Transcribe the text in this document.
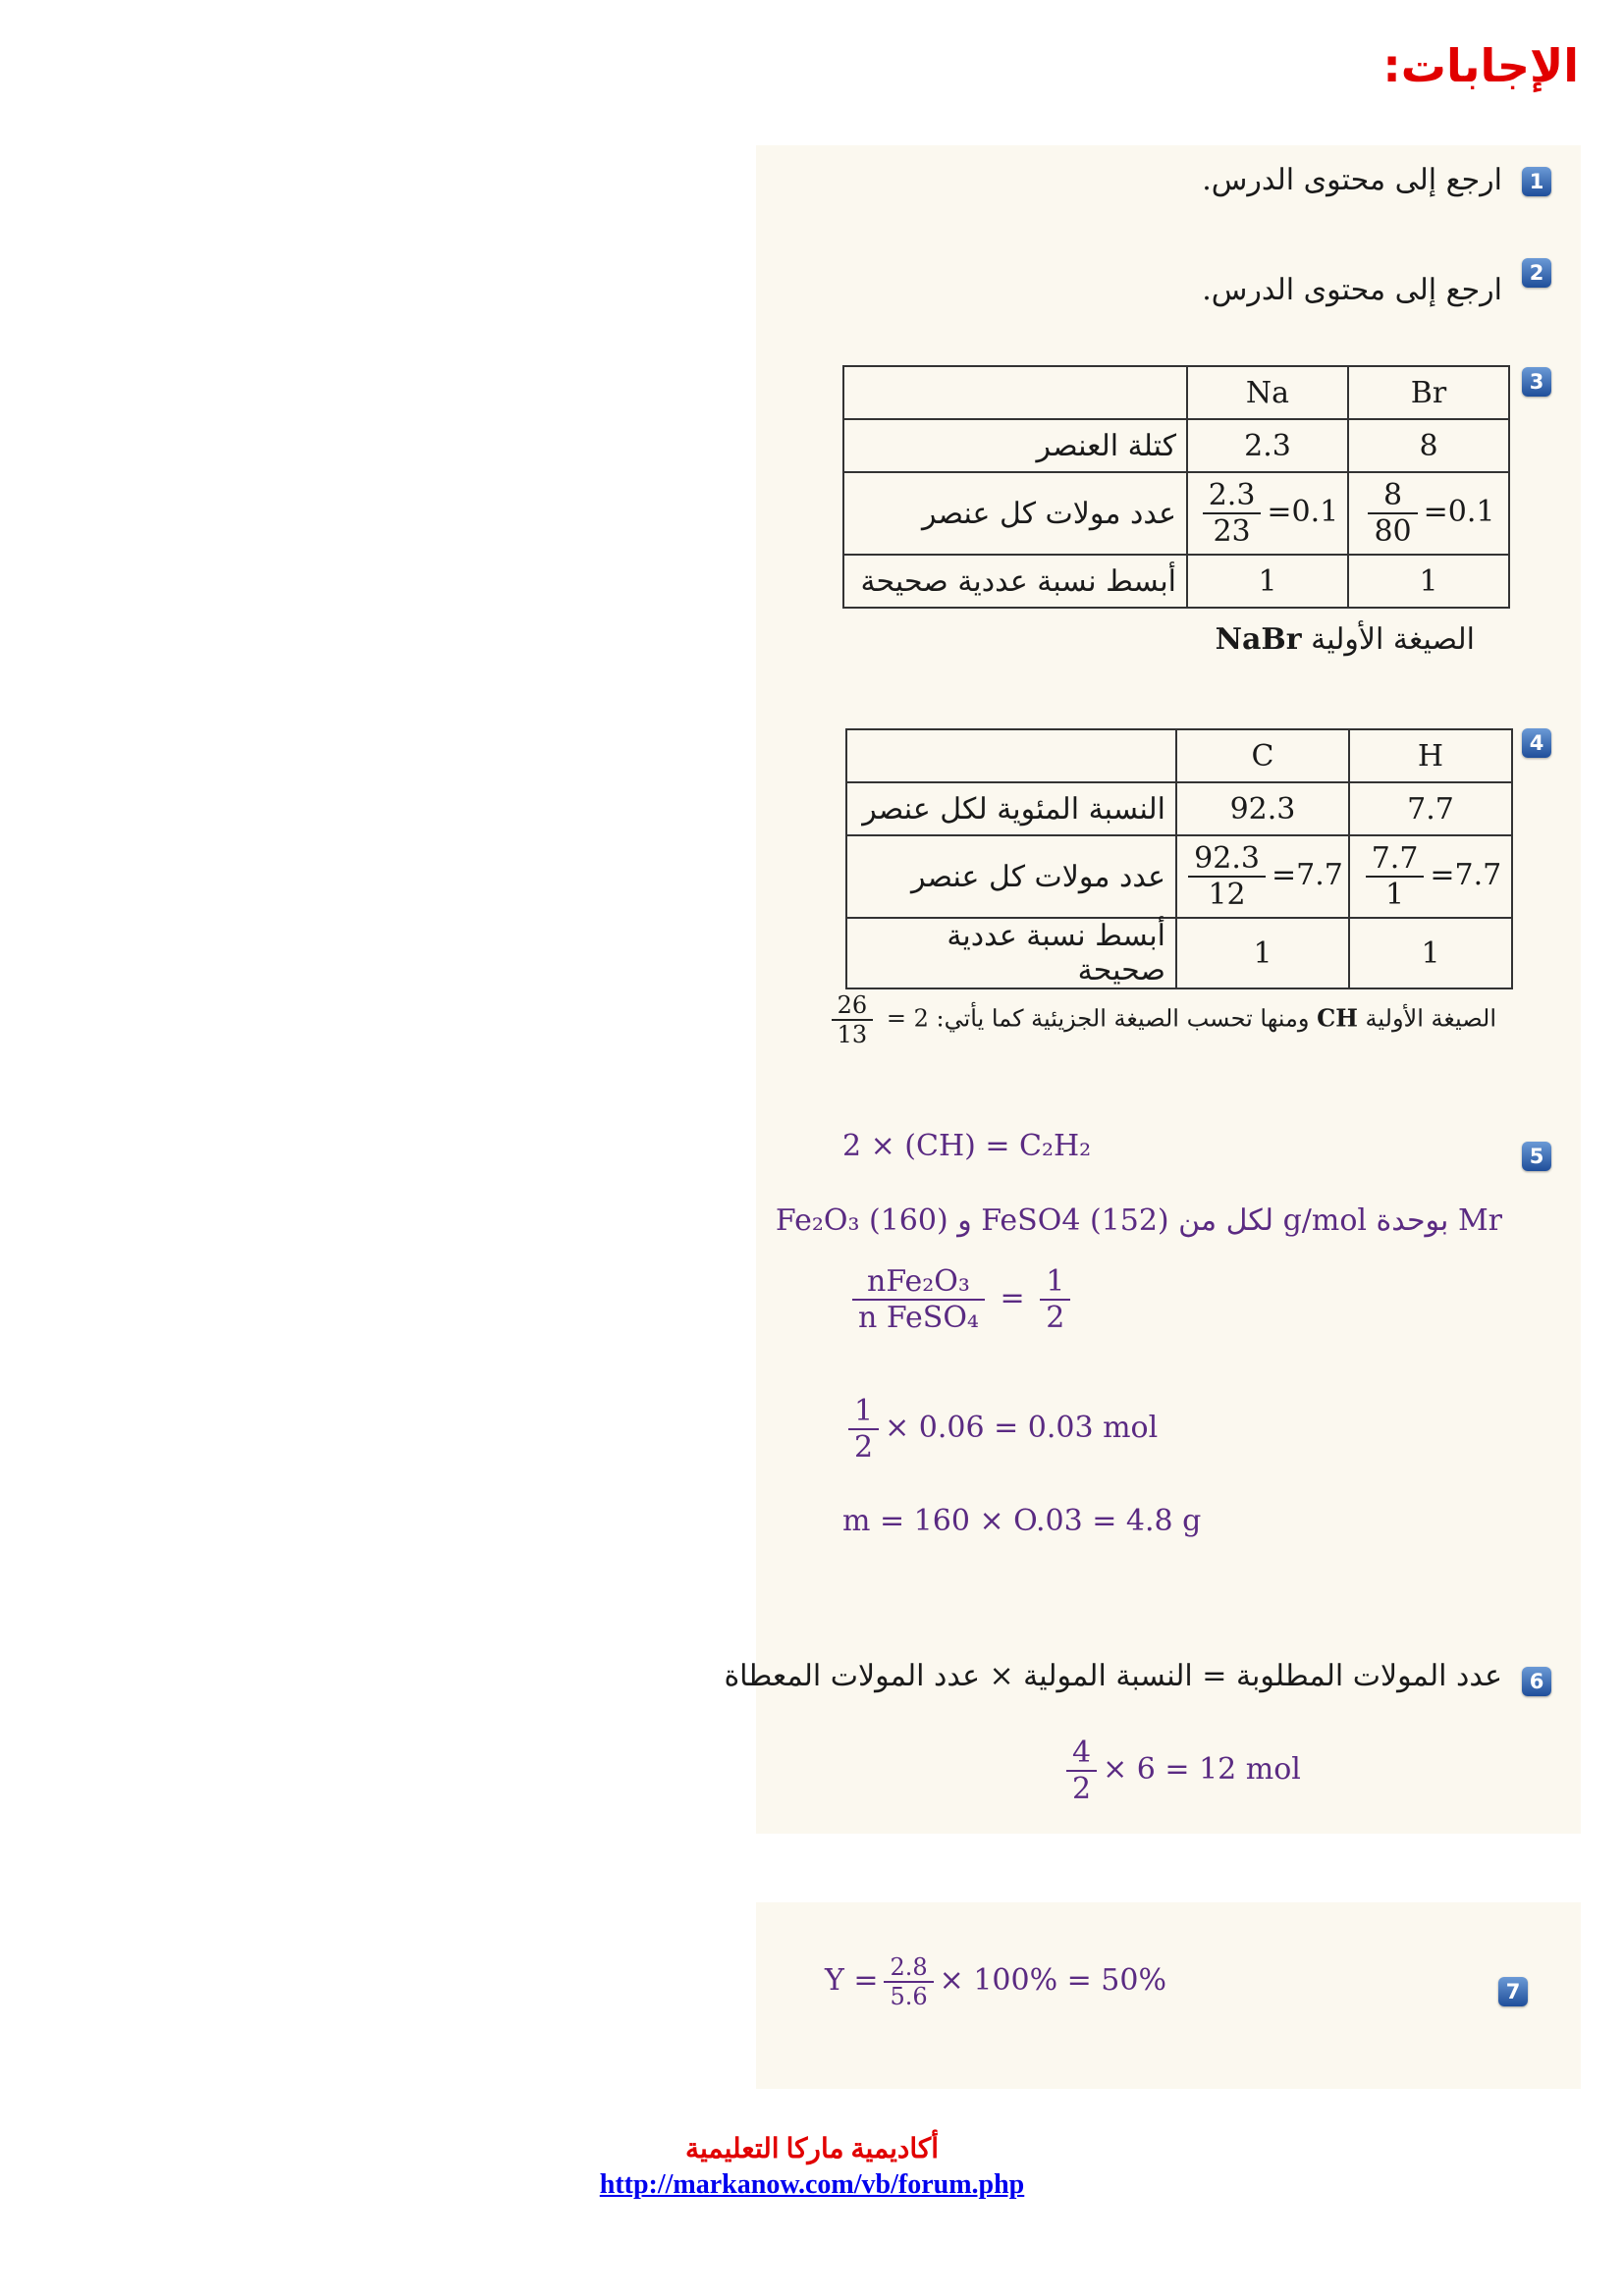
الإجابات:
1
ارجع إلى محتوى الدرس.
2
ارجع إلى محتوى الدرس.
3
	Na	Br
كتلة العنصر	2.3	8
عدد مولات كل عنصر	$\frac{2.3}{23} =0.1$	$\frac{8}{80} =0.1$
أبسط نسبة عددية صحيحة	1	1
الصيغة الأولية NaBr
4
	C	H
النسبة المئوية لكل عنصر	92.3	7.7
عدد مولات كل عنصر	$\frac{92.3}{12} =7.7$	$\frac{7.7}{1} =7.7$
أبسط نسبة عددية صحيحة	1	1
الصيغة الأولية CH ومنها تحسب الصيغة الجزيئية كما يأتي: 2 =
$\frac{26}{13}$
5
2 × (CH) = C₂H₂
Mr بوحدة g/mol لكل من FeSO4 (152) و Fe₂O₃ (160)
$\frac{\text{nFe₂O₃}}{\text{n FeSO₄}} = \frac{1}{2}$
$\frac{1}{2} \times 0.06 = 0.03$ mol
m = 160 × O.03 = 4.8 g
6
عدد المولات المطلوبة = النسبة المولية × عدد المولات المعطاة
$\frac{4}{2} \times 6 = 12$ mol
7
$Y = \frac{2.8}{5.6} \times 100\% = 50\%$
أكاديمية ماركا التعليمية
http://markanow.com/vb/forum.php
